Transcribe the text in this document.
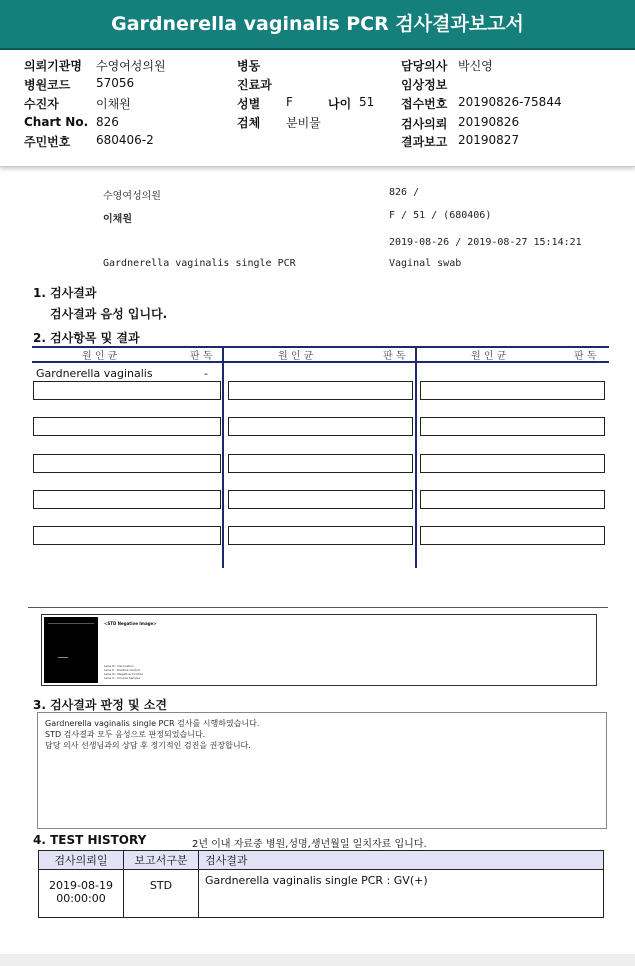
Gardnerella vaginalis PCR 검사결과보고서
의뢰기관명 수영여성의원
병원코드 57056
수진자	이채원
Chart No. 826
주민번호 680406-2
병동
진료과
성별 F	나이 51
검체 분비물
담당의사 박신영
임상정보
접수번호 20190826-75844
검사의뢰 20190826
결과보고 20190827
수영여성의원	826 /
이채원	F / 51 / (680406)
2019-08-26 / 2019-08-27 15:14:21
Gardnerella vaginalis single PCR	Vaginal swab
1. 검사결과
검사결과 음성 입니다.
2. 검사항목 및 결과
원 인 균	판 독	원 인 균	판 독	원 인 균	판 독
Gardnerella vaginalis	-
<STD Negative Image>
Lane N : Decoration
Lane P : Positive Control
Lane N : Negative Control
Lane S : Clinical Sample
3. 검사결과 판정 및 소견
Gardnerella vaginalis single PCR 검사를 시행하였습니다.
STD 검사결과 모두 음성으로 판정되었습니다.
담당 의사 선생님과의 상담 후 정기적인 검진을 권장합니다.
4. TEST HISTORY	2년 이내 자료중 병원,성명,생년월일 일치자료 입니다.
검사의뢰일	보고서구분	검사결과

2019-08-19
00:00:00	STD	Gardnerella vaginalis single PCR : GV(+)
